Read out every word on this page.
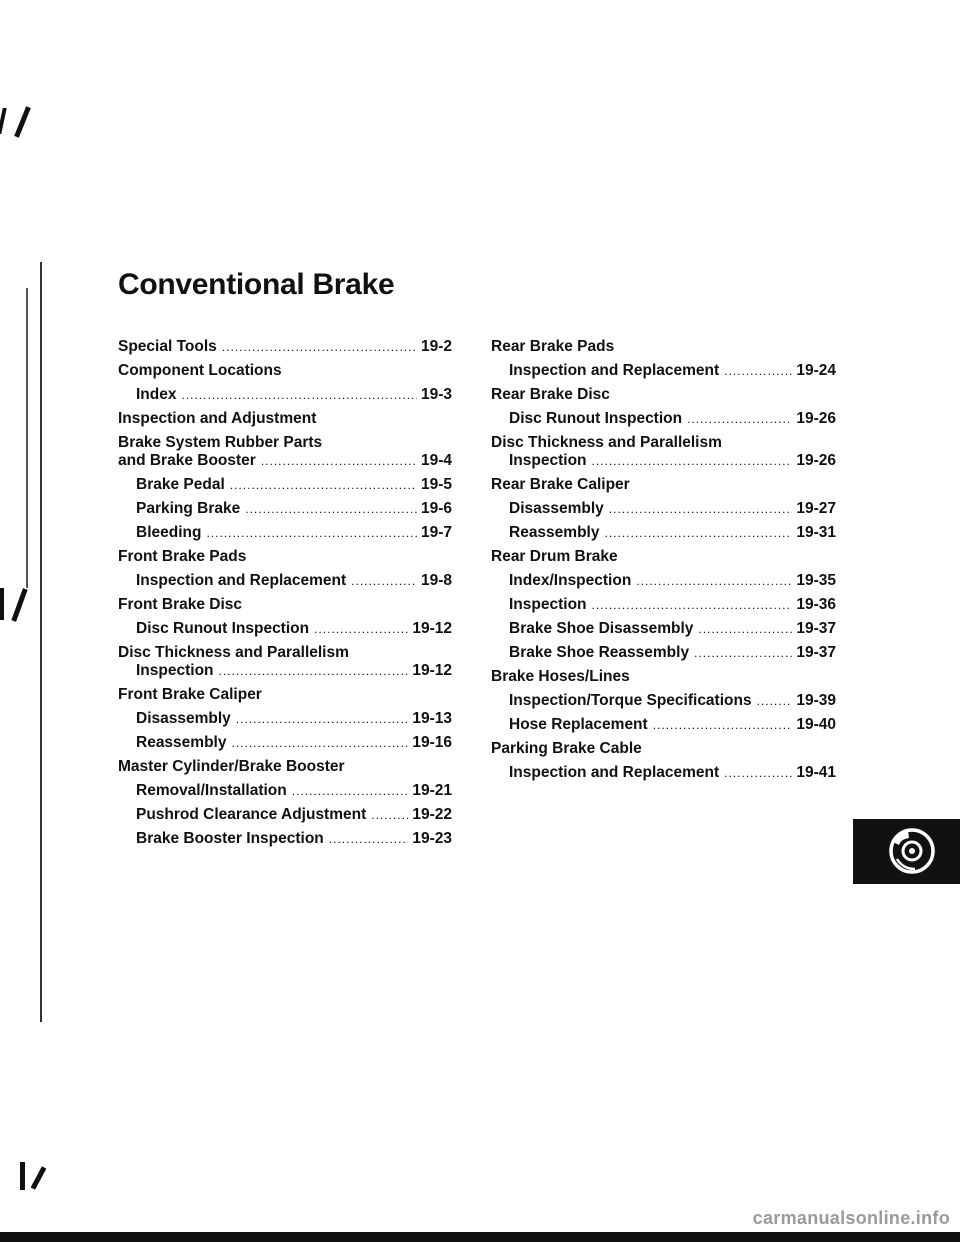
Conventional Brake
Special Tools .....	19-2
Component Locations
Index .....	19-3
Inspection and Adjustment
Brake System Rubber Parts
and Brake Booster .....	19-4
Brake Pedal .....	19-5
Parking Brake .....	19-6
Bleeding .....	19-7
Front Brake Pads
Inspection and Replacement .....	19-8
Front Brake Disc
Disc Runout Inspection .....	19-12
Disc Thickness and Parallelism
Inspection .....	19-12
Front Brake Caliper
Disassembly .....	19-13
Reassembly .....	19-16
Master Cylinder/Brake Booster
Removal/Installation .....	19-21
Pushrod Clearance Adjustment .....	19-22
Brake Booster Inspection .....	19-23
Rear Brake Pads
Inspection and Replacement .....	19-24
Rear Brake Disc
Disc Runout Inspection .....	19-26
Disc Thickness and Parallelism
Inspection .....	19-26
Rear Brake Caliper
Disassembly .....	19-27
Reassembly .....	19-31
Rear Drum Brake
Index/Inspection .....	19-35
Inspection .....	19-36
Brake Shoe Disassembly .....	19-37
Brake Shoe Reassembly .....	19-37
Brake Hoses/Lines
Inspection/Torque Specifications .....	19-39
Hose Replacement .....	19-40
Parking Brake Cable
Inspection and Replacement .....	19-41
carmanualsonline.info
